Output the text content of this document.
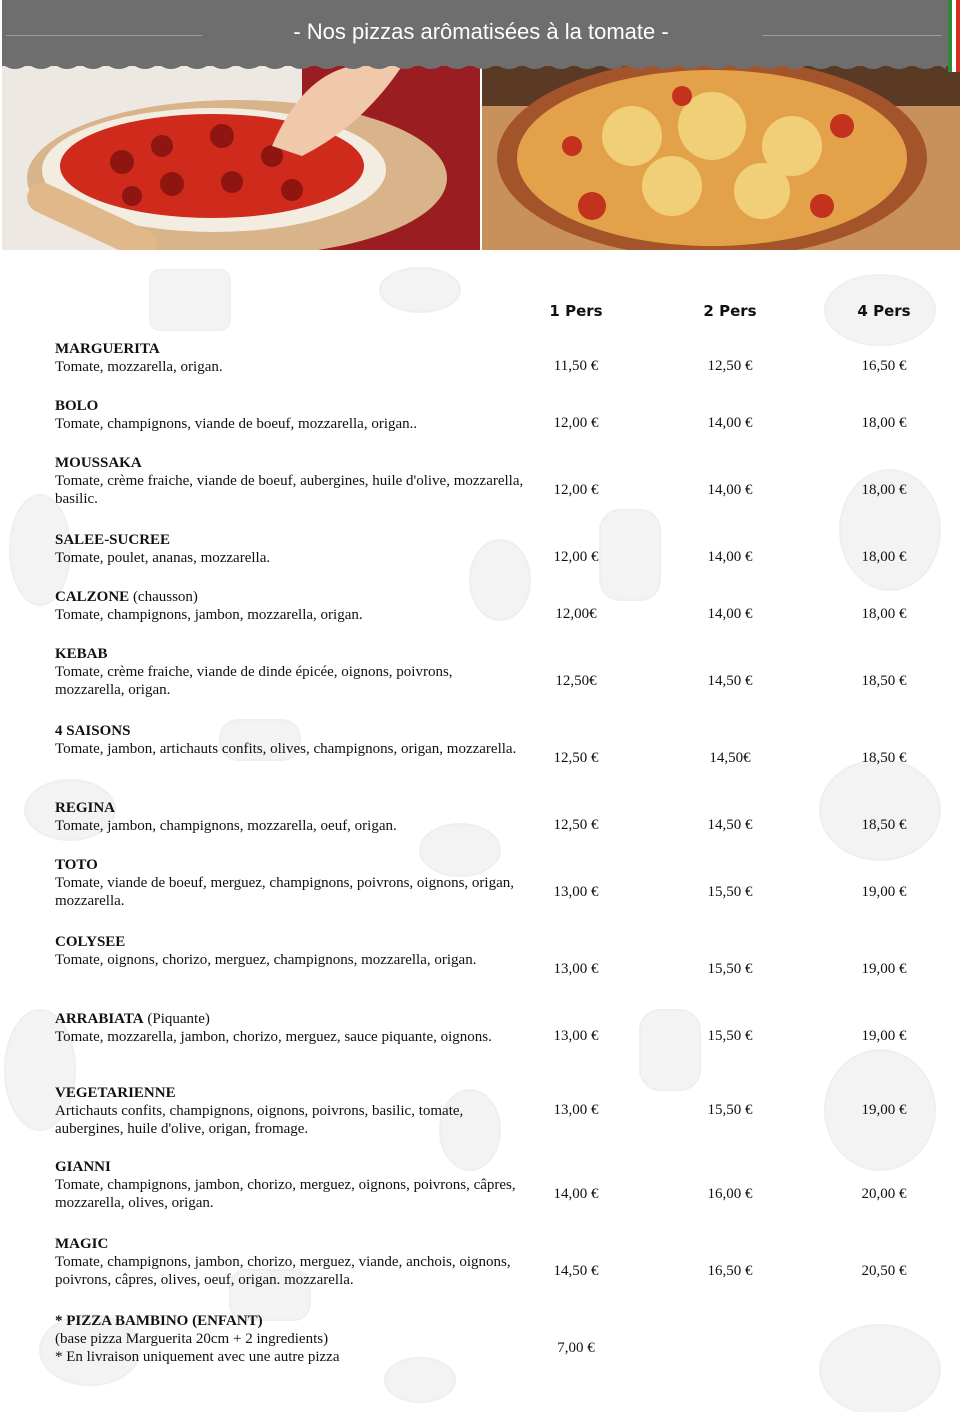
- Nos pizzas arômatisées à la tomate -
1 Pers	2 Pers	4 Pers
MARGUERITA
Tomate, mozzarella, origan.	11,50 €	12,50 €	16,50 €
BOLO
Tomate, champignons, viande de boeuf, mozzarella, origan..	12,00 €	14,00 €	18,00 €
MOUSSAKA
Tomate, crème fraiche, viande de boeuf, aubergines, huile d'olive, mozzarella, basilic.
12,00 €	14,00 €	18,00 €
SALEE-SUCREE
Tomate, poulet, ananas, mozzarella.	12,00 €	14,00 €	18,00 €
CALZONE (chausson)
Tomate, champignons, jambon, mozzarella, origan.	12,00€	14,00 €	18,00 €
KEBAB
Tomate, crème fraiche, viande de dinde épicée, oignons, poivrons, mozzarella, origan.
12,50€	14,50 €	18,50 €
4 SAISONS
Tomate, jambon, artichauts confits, olives, champignons, origan, mozzarella.
12,50 €	14,50€	18,50 €
REGINA
Tomate, jambon, champignons, mozzarella, oeuf, origan.	12,50 €	14,50 €	18,50 €
TOTO
Tomate, viande de boeuf, merguez, champignons, poivrons, oignons, origan, mozzarella.
13,00 €	15,50 €	19,00 €
COLYSEE
Tomate, oignons, chorizo, merguez, champignons, mozzarella, origan.
13,00 €	15,50 €	19,00 €
ARRABIATA (Piquante)
Tomate, mozzarella, jambon, chorizo, merguez, sauce piquante, oignons.	13,00 €	15,50 €	19,00 €
VEGETARIENNE
Artichauts confits, champignons, oignons, poivrons, basilic, tomate, aubergines, huile d'olive, origan, fromage.
13,00 €	15,50 €	19,00 €
GIANNI
Tomate, champignons, jambon, chorizo, merguez, oignons, poivrons, câpres, mozzarella, olives, origan.
14,00 €	16,00 €	20,00 €
MAGIC
Tomate, champignons, jambon, chorizo, merguez, viande, anchois, oignons, poivrons, câpres, olives, oeuf, origan. mozzarella.
14,50 €	16,50 €	20,50 €
* PIZZA BAMBINO (ENFANT)
(base pizza Marguerita 20cm + 2 ingredients)
* En livraison uniquement avec une autre pizza
7,00 €
